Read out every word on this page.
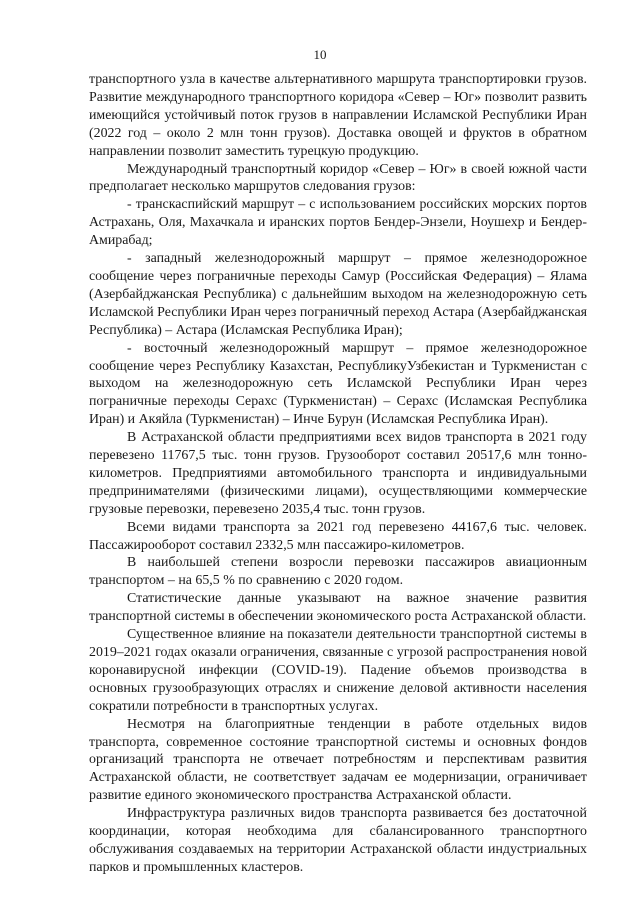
10

транспортного узла в качестве альтернативного маршрута транспортировки грузов. Развитие международного транспортного коридора «Север – Юг» позволит развить имеющийся устойчивый поток грузов в направлении Исламской Республики Иран (2022 год – около 2 млн тонн грузов). Доставка овощей и фруктов в обратном направлении позволит заместить турецкую продукцию.

Международный транспортный коридор «Север – Юг» в своей южной части предполагает несколько маршрутов следования грузов:

- транскаспийский маршрут – с использованием российских морских портов Астрахань, Оля, Махачкала и иранских портов Бендер-Энзели, Ноушехр и Бендер-Амирабад;

- западный железнодорожный маршрут – прямое железнодорожное сообщение через пограничные переходы Самур (Российская Федерация) – Ялама (Азербайджанская Республика) с дальнейшим выходом на железнодорожную сеть Исламской Республики Иран через пограничный переход Астара (Азербайджанская Республика) – Астара (Исламская Республика Иран);

- восточный железнодорожный маршрут – прямое железнодорожное сообщение через Республику Казахстан, РеспубликуУзбекистан и Туркменистан с выходом на железнодорожную сеть Исламской Республики Иран через пограничные переходы Серахс (Туркменистан) – Серахс (Исламская Республика Иран) и Акяйла (Туркменистан) – Инче Бурун (Исламская Республика Иран).

В Астраханской области предприятиями всех видов транспорта в 2021 году перевезено 11767,5 тыс. тонн грузов. Грузооборот составил 20517,6 млн тонно-километров. Предприятиями автомобильного транспорта и индивидуальными предпринимателями (физическими лицами), осуществляющими коммерческие грузовые перевозки, перевезено 2035,4 тыс. тонн грузов.

Всеми видами транспорта за 2021 год перевезено 44167,6 тыс. человек. Пассажирооборот составил 2332,5 млн пассажиро-километров.

В наибольшей степени возросли перевозки пассажиров авиационным транспортом – на 65,5 % по сравнению с 2020 годом.

Статистические данные указывают на важное значение развития транспортной системы в обеспечении экономического роста Астраханской области.

Существенное влияние на показатели деятельности транспортной системы в 2019–2021 годах оказали ограничения, связанные с угрозой распространения новой коронавирусной инфекции (COVID-19). Падение объемов производства в основных грузообразующих отраслях и снижение деловой активности населения сократили потребности в транспортных услугах.

Несмотря на благоприятные тенденции в работе отдельных видов транспорта, современное состояние транспортной системы и основных фондов организаций транспорта не отвечает потребностям и перспективам развития Астраханской области, не соответствует задачам ее модернизации, ограничивает развитие единого экономического пространства Астраханской области.

Инфраструктура различных видов транспорта развивается без достаточной координации, которая необходима для сбалансированного транспортного обслуживания создаваемых на территории Астраханской области индустриальных парков и промышленных кластеров.
